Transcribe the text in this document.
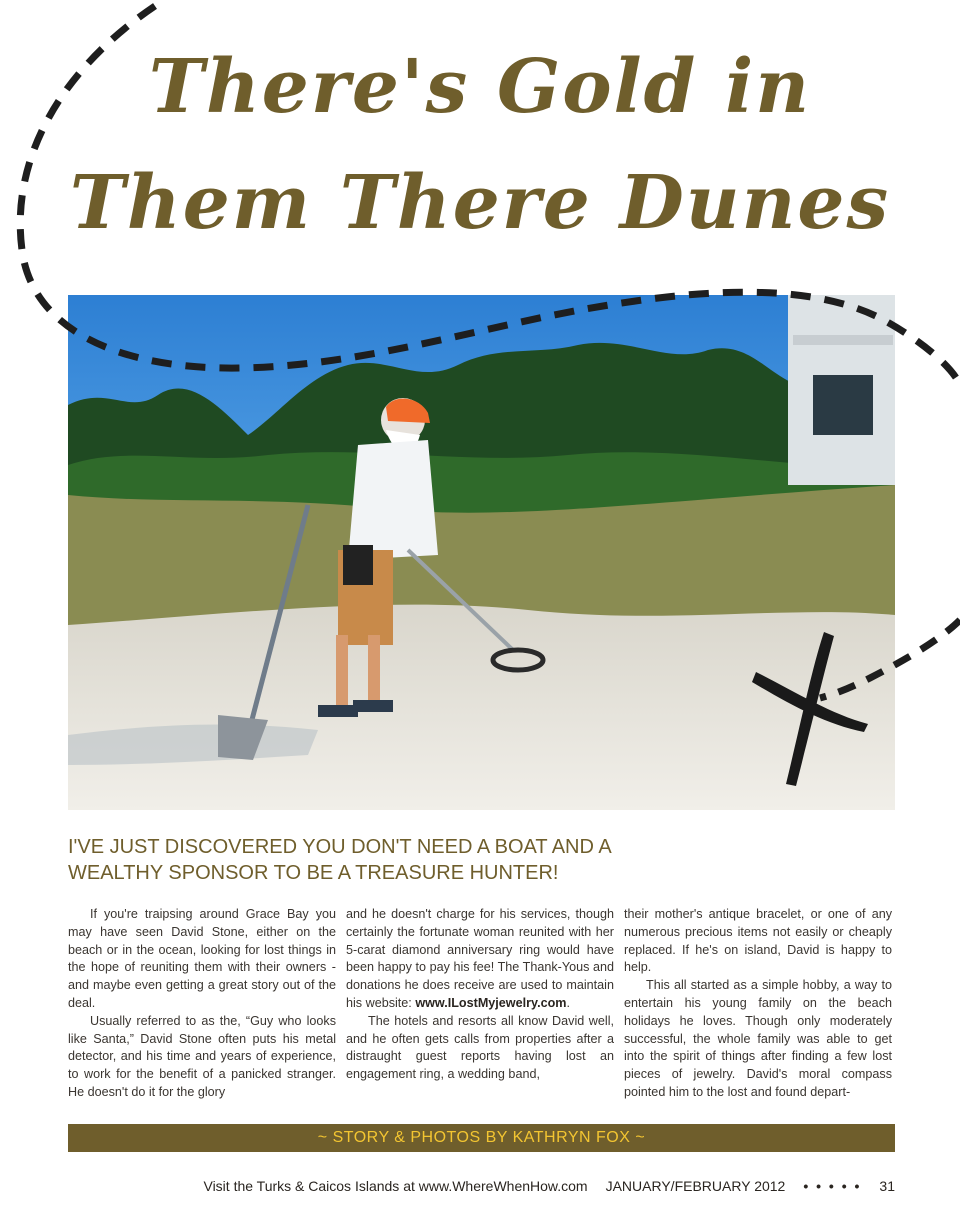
There's Gold in
Them There Dunes
I'VE JUST DISCOVERED YOU DON'T NEED A BOAT AND A
WEALTHY SPONSOR TO BE A TREASURE HUNTER!

If you're traipsing around Grace Bay you may have seen David Stone, either on the beach or in the ocean, looking for lost things in the hope of reuniting them with their owners - and maybe even getting a great story out of the deal.

Usually referred to as the, “Guy who looks like Santa,” David Stone often puts his metal detector, and his time and years of experience, to work for the benefit of a panicked stranger. He doesn't do it for the glory

and he doesn't charge for his services, though certainly the fortunate woman reunited with her 5-carat diamond anniversary ring would have been happy to pay his fee! The Thank-Yous and donations he does receive are used to maintain his website: www.ILostMyjewelry.com.

The hotels and resorts all know David well, and he often gets calls from properties after a distraught guest reports having lost an engagement ring, a wedding band,

their mother's antique bracelet, or one of any numerous precious items not easily or cheaply replaced. If he's on island, David is happy to help.

This all started as a simple hobby, a way to entertain his young family on the beach holidays he loves. Though only moderately successful, the whole family was able to get into the spirit of things after finding a few lost pieces of jewelry. David's moral compass pointed him to the lost and found depart-

~ STORY & PHOTOS BY KATHRYN FOX ~
Visit the Turks & Caicos Islands at www.WhereWhenHow.com JANUARY/FEBRUARY 2012 • • • • • 31
